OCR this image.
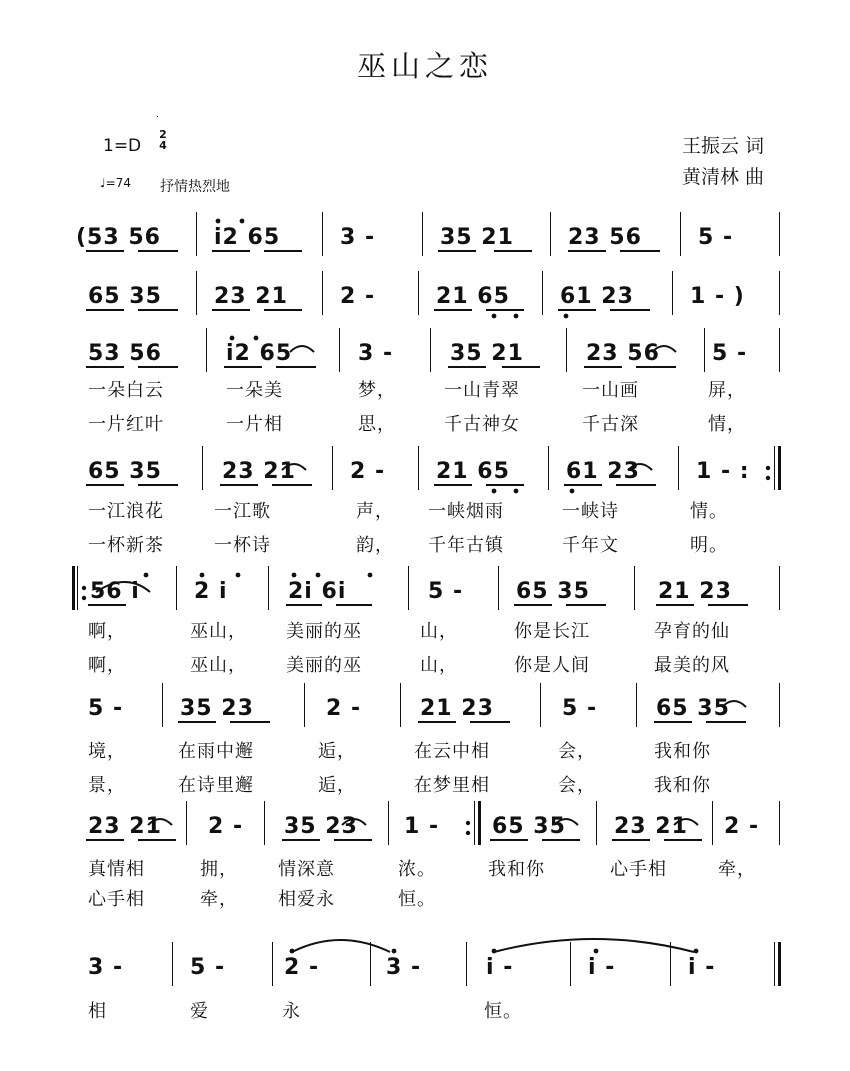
巫山之恋
1=D
2
4
♩=74 抒情热烈地
王振云 词
黄清林 曲
(53 56 i2 65	3 -	35 21 23 56	5 -
65 35 23 21 2 -	21 65 61 23	1 - )
53 56	i2 65	3 -	35 21	23 56 5 -
一朵白云	一朵美	梦，	一山青翠	一山画	屏，
一片红叶	一片相	思，	千古神女	千古深	情，
65 35	23 21 2 - 21 65	61 23	1 - :
一江浪花	一江歌	声， 一峡烟雨	一峡诗	情。
一杯新茶	一杯诗	韵， 千年古镇	千年文	明。
56 i 2 i	2i 6i	5 - 65 35	21 23
啊，	巫山， 美丽的巫	山，	你是长江	孕育的仙
啊，	巫山， 美丽的巫	山，	你是人间	最美的风
5 -	35 23	2 -	21 23	5 -	65 35
境，	在雨中邂	逅，	在云中相	会，	我和你
景，	在诗里邂	逅，	在梦里相	会，	我和你
23 21 2 - 35 23 1 - 65 35 23 21 2 -
真情相	拥， 情深意	浓。	我和你	心手相	牵，
心手相	牵， 相爱永	恒。
3 -	5 -	2 -	3 -	i -	i -	i -
相	爱	永	恒。
